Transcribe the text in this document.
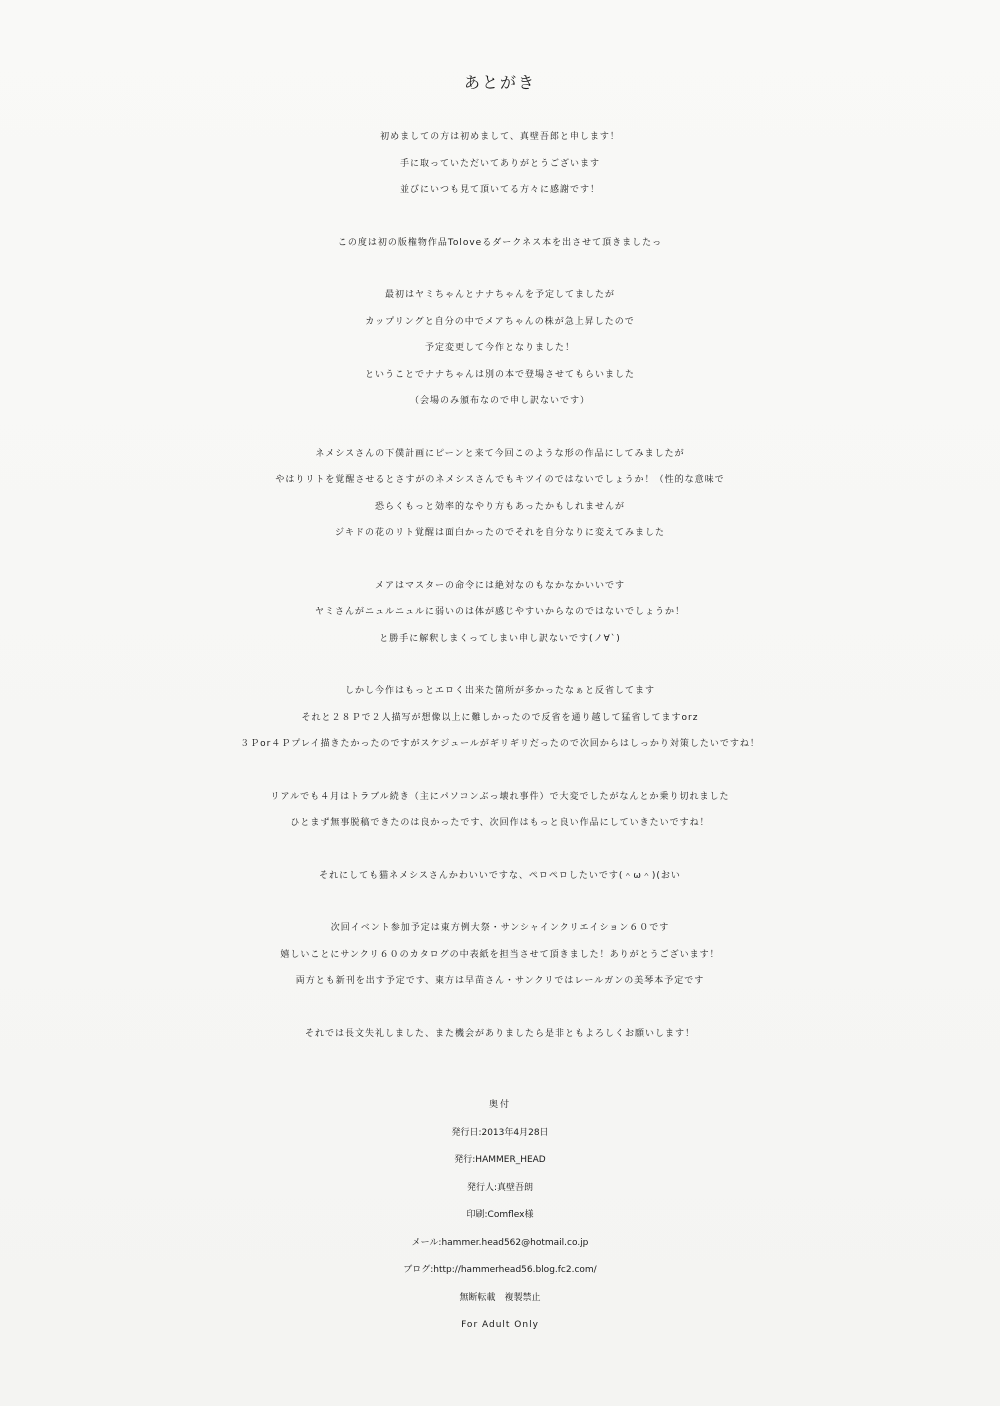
あとがき
初めましての方は初めまして、真壁吾郎と申します！
手に取っていただいてありがとうございます
並びにいつも見て頂いてる方々に感謝です！
この度は初の版権物作品Toloveるダークネス本を出させて頂きましたっ
最初はヤミちゃんとナナちゃんを予定してましたが
カップリングと自分の中でメアちゃんの株が急上昇したので
予定変更して今作となりました！
ということでナナちゃんは別の本で登場させてもらいました
（会場のみ頒布なので申し訳ないです）
ネメシスさんの下僕計画にピーンと来て今回このような形の作品にしてみましたが
やはりリトを覚醒させるとさすがのネメシスさんでもキツイのではないでしょうか！（性的な意味で
恐らくもっと効率的なやり方もあったかもしれませんが
ジキドの花のリト覚醒は面白かったのでそれを自分なりに変えてみました
メアはマスターの命令には絶対なのもなかなかいいです
ヤミさんがニュルニュルに弱いのは体が感じやすいからなのではないでしょうか！
と勝手に解釈しまくってしまい申し訳ないです(ノ∀`)
しかし今作はもっとエロく出来た箇所が多かったなぁと反省してます
それと２８Ｐで２人描写が想像以上に難しかったので反省を通り越して猛省してますorz
３Ｐor４Ｐプレイ描きたかったのですがスケジュールがギリギリだったので次回からはしっかり対策したいですね！
リアルでも４月はトラブル続き（主にパソコンぶっ壊れ事件）で大変でしたがなんとか乗り切れました
ひとまず無事脱稿できたのは良かったです、次回作はもっと良い作品にしていきたいですね！
それにしても猫ネメシスさんかわいいですな、ペロペロしたいです(＾ω＾)(おい
次回イベント参加予定は東方例大祭・サンシャインクリエイション６０です
嬉しいことにサンクリ６０のカタログの中表紙を担当させて頂きました！ありがとうございます！
両方とも新刊を出す予定です、東方は早苗さん・サンクリではレールガンの美琴本予定です
それでは長文失礼しました、また機会がありましたら是非ともよろしくお願いします！
奥付
発行日:2013年4月28日
発行:HAMMER_HEAD
発行人:真壁吾朗
印刷:Comflex様
メール:hammer.head562@hotmail.co.jp
ブログ:http://hammerhead56.blog.fc2.com/
無断転載　複製禁止
For Adult Only
